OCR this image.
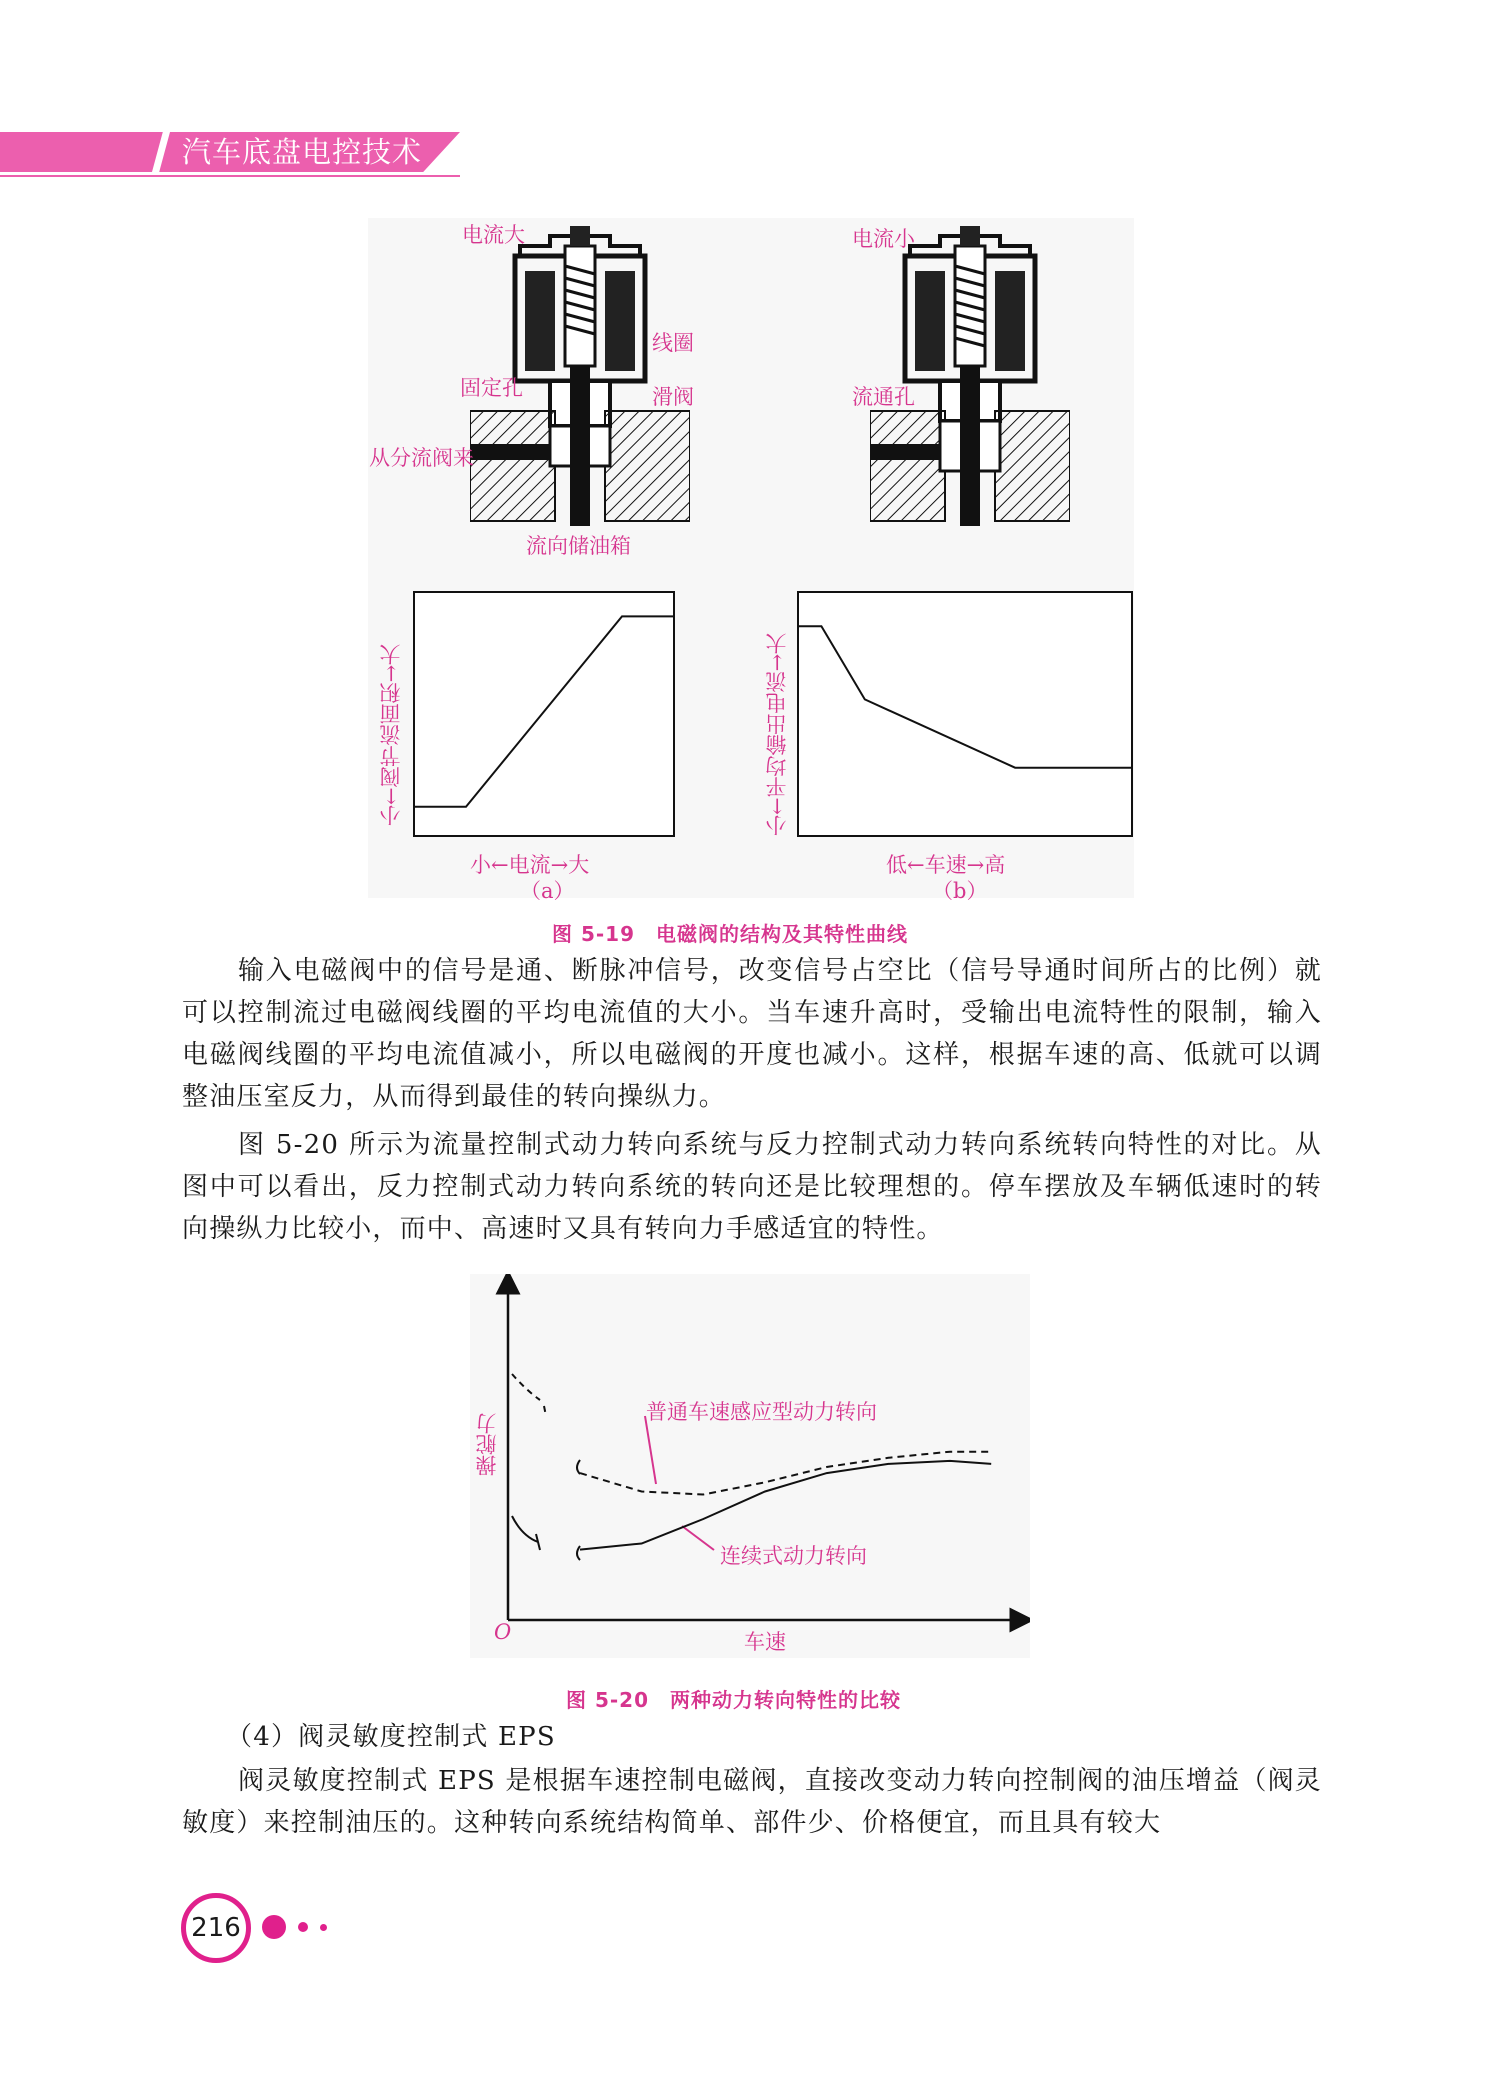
汽车底盘电控技术
电流大
线圈
固定孔	滑阀
从分流阀来
流向储油箱
电流小
流通孔
小←阀节流面积→大
小←电流→大
（a）
小←平均输出电流→大
低←车速→高
（b）
图 5-19　电磁阀的结构及其特性曲线
输入电磁阀中的信号是通、断脉冲信号，改变信号占空比（信号导通时间所占的比例）就可以控制流过电磁阀线圈的平均电流值的大小。当车速升高时，受输出电流特性的限制，输入电磁阀线圈的平均电流值减小，所以电磁阀的开度也减小。这样，根据车速的高、低就可以调整油压室反力，从而得到最佳的转向操纵力。
图 5-20 所示为流量控制式动力转向系统与反力控制式动力转向系统转向特性的对比。从图中可以看出，反力控制式动力转向系统的转向还是比较理想的。停车摆放及车辆低速时的转向操纵力比较小，而中、高速时又具有转向力手感适宜的特性。
操舵力
O	车速
普通车速感应型动力转向
连续式动力转向
图 5-20　两种动力转向特性的比较
（4）阀灵敏度控制式 EPS
阀灵敏度控制式 EPS 是根据车速控制电磁阀，直接改变动力转向控制阀的油压增益（阀灵敏度）来控制油压的。这种转向系统结构简单、部件少、价格便宜，而且具有较大
216
